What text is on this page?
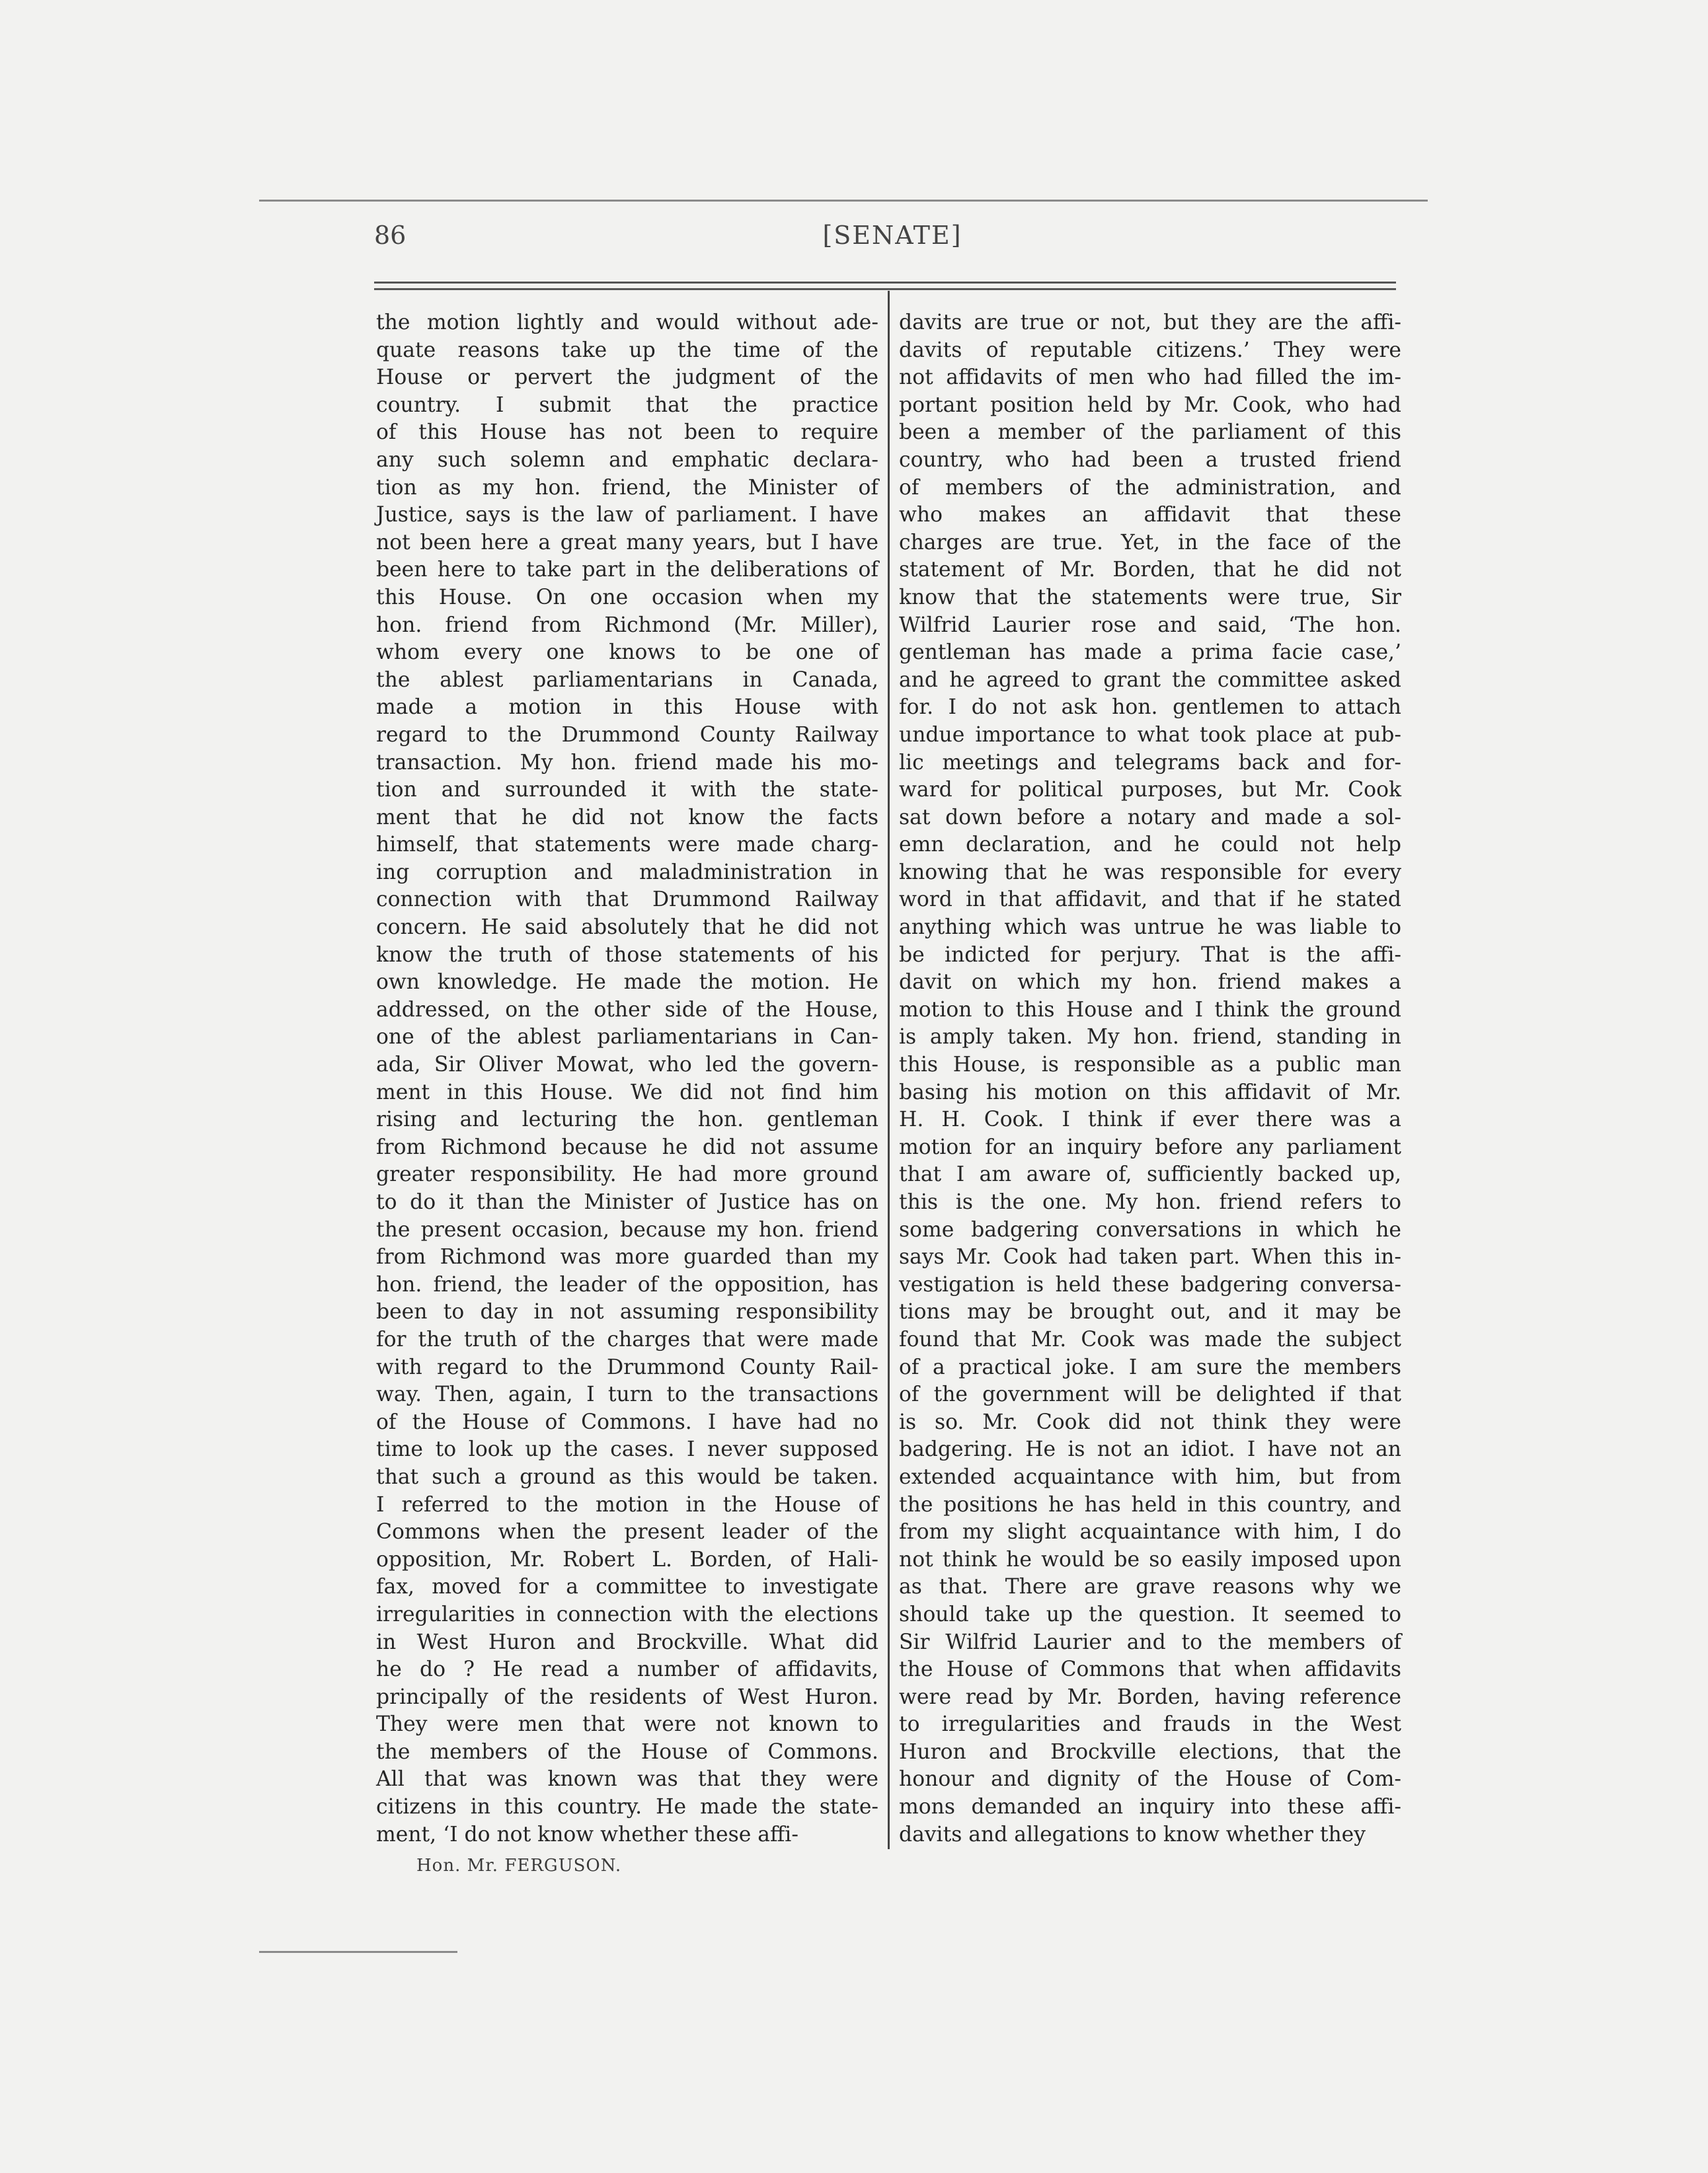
86	[SENATE]

the motion lightly and would without ade-

quate reasons take up the time of the

House or pervert the judgment of the

country. I submit that the practice

of this House has not been to require

any such solemn and emphatic declara-

tion as my hon. friend, the Minister of

Justice, says is the law of parliament. I have

not been here a great many years, but I have

been here to take part in the deliberations of

this House. On one occasion when my

hon. friend from Richmond (Mr. Miller),

whom every one knows to be one of

the ablest parliamentarians in Canada,

made a motion in this House with

regard to the Drummond County Railway

transaction. My hon. friend made his mo-

tion and surrounded it with the state-

ment that he did not know the facts

himself, that statements were made charg-

ing corruption and maladministration in

connection with that Drummond Railway

concern. He said absolutely that he did not

know the truth of those statements of his

own knowledge. He made the motion. He

addressed, on the other side of the House,

one of the ablest parliamentarians in Can-

ada, Sir Oliver Mowat, who led the govern-

ment in this House. We did not find him

rising and lecturing the hon. gentleman

from Richmond because he did not assume

greater responsibility. He had more ground

to do it than the Minister of Justice has on

the present occasion, because my hon. friend

from Richmond was more guarded than my

hon. friend, the leader of the opposition, has

been to day in not assuming responsibility

for the truth of the charges that were made

with regard to the Drummond County Rail-

way. Then, again, I turn to the transactions

of the House of Commons. I have had no

time to look up the cases. I never supposed

that such a ground as this would be taken.

I referred to the motion in the House of

Commons when the present leader of the

opposition, Mr. Robert L. Borden, of Hali-

fax, moved for a committee to investigate

irregularities in connection with the elections

in West Huron and Brockville. What did

he do ? He read a number of affidavits,

principally of the residents of West Huron.

They were men that were not known to

the members of the House of Commons.

All that was known was that they were

citizens in this country. He made the state-

ment, ‘I do not know whether these affi-

davits are true or not, but they are the affi-

davits of reputable citizens.’ They were

not affidavits of men who had filled the im-

portant position held by Mr. Cook, who had

been a member of the parliament of this

country, who had been a trusted friend

of members of the administration, and

who makes an affidavit that these

charges are true. Yet, in the face of the

statement of Mr. Borden, that he did not

know that the statements were true, Sir

Wilfrid Laurier rose and said, ‘The hon.

gentleman has made a prima facie case,’

and he agreed to grant the committee asked

for. I do not ask hon. gentlemen to attach

undue importance to what took place at pub-

lic meetings and telegrams back and for-

ward for political purposes, but Mr. Cook

sat down before a notary and made a sol-

emn declaration, and he could not help

knowing that he was responsible for every

word in that affidavit, and that if he stated

anything which was untrue he was liable to

be indicted for perjury. That is the affi-

davit on which my hon. friend makes a

motion to this House and I think the ground

is amply taken. My hon. friend, standing in

this House, is responsible as a public man

basing his motion on this affidavit of Mr.

H. H. Cook. I think if ever there was a

motion for an inquiry before any parliament

that I am aware of, sufficiently backed up,

this is the one. My hon. friend refers to

some badgering conversations in which he

says Mr. Cook had taken part. When this in-

vestigation is held these badgering conversa-

tions may be brought out, and it may be

found that Mr. Cook was made the subject

of a practical joke. I am sure the members

of the government will be delighted if that

is so. Mr. Cook did not think they were

badgering. He is not an idiot. I have not an

extended acquaintance with him, but from

the positions he has held in this country, and

from my slight acquaintance with him, I do

not think he would be so easily imposed upon

as that. There are grave reasons why we

should take up the question. It seemed to

Sir Wilfrid Laurier and to the members of

the House of Commons that when affidavits

were read by Mr. Borden, having reference

to irregularities and frauds in the West

Huron and Brockville elections, that the

honour and dignity of the House of Com-

mons demanded an inquiry into these affi-

davits and allegations to know whether they

Hon. Mr. FERGUSON.
